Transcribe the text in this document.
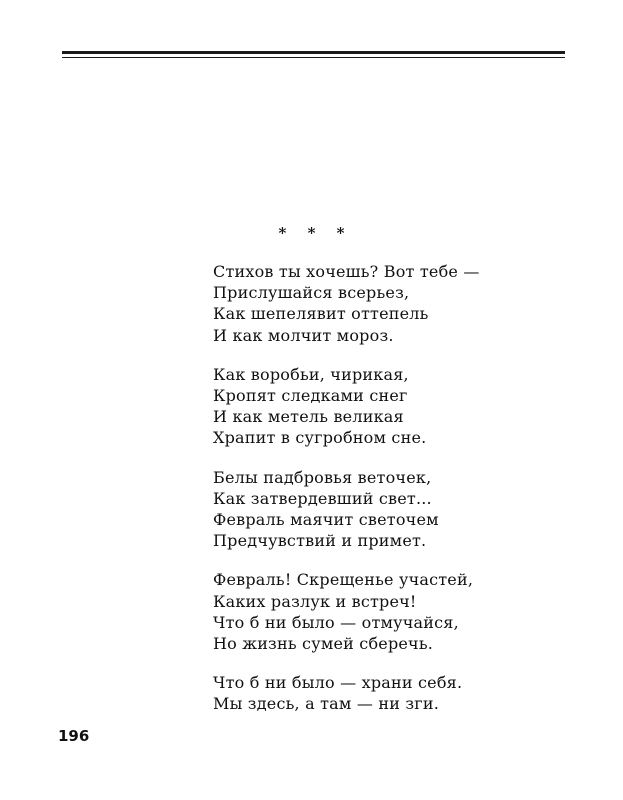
* * *
Стихов ты хочешь? Вот тебе —
Прислушайся всерьез,
Как шепелявит оттепель
И как молчит мороз.
Как воробьи, чирикая,
Кропят следками снег
И как метель великая
Храпит в сугробном сне.
Белы падбровья веточек,
Как затвердевший свет...
Февраль маячит светочем
Предчувствий и примет.
Февраль! Скрещенье участей,
Каких разлук и встреч!
Что б ни было — отмучайся,
Но жизнь сумей сберечь.
Что б ни было — храни себя.
Мы здесь, а там — ни зги.
196
